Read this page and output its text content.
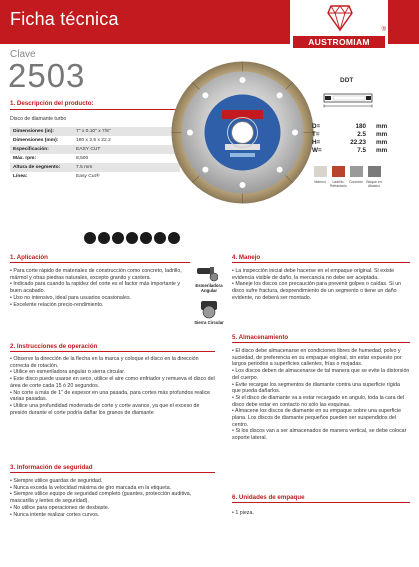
Ficha técnica
®
AUSTROMIAM
Clave
2503
1. Descripción del producto:
Disco de diamante turbo
Dimensiones (in):	7" x 0.10" x 7/8"
Dimensiones (mm):	180 x 2.5 x 22.2
Especificación:	EASY CUT
Máx. rpm:	8,500
Altura de segmento:	7.5 mm
Línea:	Easy Cut®
DDT
D=	180 mm
T=	2.5 mm
H=	22.23 mm
W=	7.5 mm
Mármol	Ladrillo Refractario
Concreto	Bloque en Abasico
1. Aplicación

• Para corte rápido de materiales de construcción como concreto, ladrillo, mármol y otras piedras naturales, excepto granito y cantera.

• Indicado para cuando la rapidez del corte es el factor más importante y buen acabado.

• Uso no intensivo, ideal para usuarios ocasionales.

• Excelente relación precio-rendimiento.

Esmeriladora Angular
Sierra Circular
2. Instrucciones de operación

• Observe la dirección de la flecha en la marca y coloque el disco en la dirección correcta de rotación.

• Utilice en esmeriladora angular o sierra circular.

• Este disco puede usarse en seco, utilice el aire como enfriador y remueva el disco del área de corte cada 15 ó 20 segundos.

• No corte a más de 1" de espesor en una pasada, para cortes más profundos realice varias pasadas.

• Utilice una profundidad moderada de corte y corte avance, ya que el exceso de presión durante el corte podría dañar los granos de diamante

3. Información de seguridad

• Siempre utilice guardas de seguridad.

• Nunca exceda la velocidad máxima de giro marcada en la etiqueta.

• Siempre utilice equipo de seguridad completo (guantes, protección auditiva, mascarilla y lentes de seguridad).

• No utilice para operaciones de desbaste.

• Nunca intente realizar cortes curvos.

4. Manejo

• La inspección inicial debe hacerse en el empaque original. Si existe evidencia visible de daño, la mercancía no debe ser aceptada.

• Maneje los discos con precaución para prevenir golpes o caídas. Si un disco sufre fractura, desprendimiento de un segmento o tiene un daño evidente, no deberá ser montado.

5. Almacenamiento

• El disco debe almacenarse en condiciones libres de humedad, polvo y suciedad, de preferencia en su empaque original, sin estar expuesto por largos periodos a superficies calientes, frías o mojadas.

• Los discos deben de almacenarse de tal manera que se evite la distorsión del cuerpo.

• Evite recargar los segmentos de diamante contra una superficie rígida que pueda dañarlos.

• Si el disco de diamante va a estar recargado en angulo, toda la cara del disco debe estar en contacto no sólo las esquinas.

• Almacene los discos de diamante en su empaque sobre una superficie plana. Los discos de diamante pequeños pueden ser suspendidos del centro.

• Si los discos van a ser almacenados de manera vertical, se debe colocar soporte lateral.

6. Unidades de empaque
• 1 pieza.
